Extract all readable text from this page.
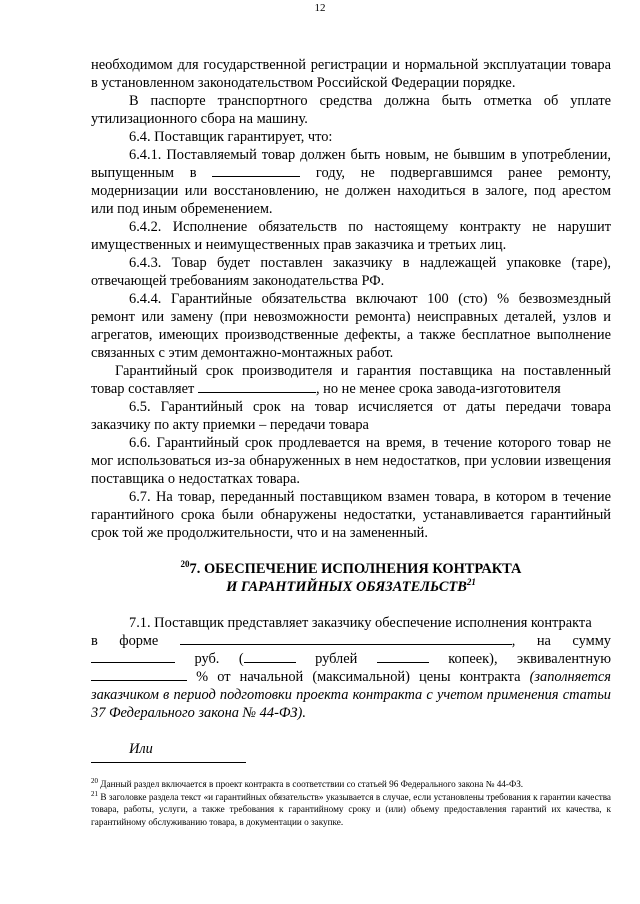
12

необходимом для государственной регистрации и нормальной эксплуатации товара в установленном законодательством Российской Федерации порядке.

В паспорте транспортного средства должна быть отметка об уплате утилизационного сбора на машину.

6.4. Поставщик гарантирует, что:

6.4.1. Поставляемый товар должен быть новым, не бывшим в употреблении, выпущенным в	году, не подвергавшимся ранее ремонту, модернизации или восстановлению, не должен находиться в залоге, под арестом или под иным обременением.

6.4.2. Исполнение обязательств по настоящему контракту не нарушит имущественных и неимущественных прав заказчика и третьих лиц.

6.4.3. Товар будет поставлен заказчику в надлежащей упаковке (таре), отвечающей требованиям законодательства РФ.

6.4.4. Гарантийные обязательства включают 100 (сто) % безвозмездный ремонт или замену (при невозможности ремонта) неисправных деталей, узлов и агрегатов, имеющих производственные дефекты, а также бесплатное выполнение связанных с этим демонтажно-монтажных работ.

Гарантийный срок производителя и гарантия поставщика на поставленный товар составляет	, но не менее срока завода-изготовителя

6.5. Гарантийный срок на товар исчисляется от даты передачи товара заказчику по акту приемки – передачи товара

6.6. Гарантийный срок продлевается на время, в течение которого товар не мог использоваться из-за обнаруженных в нем недостатков, при условии извещения поставщика о недостатках товара.

6.7. На товар, переданный поставщиком взамен товара, в котором в течение гарантийного срока были обнаружены недостатки, устанавливается гарантийный срок той же продолжительности, что и на замененный.

$^{20}$7. ОБЕСПЕЧЕНИЕ ИСПОЛНЕНИЯ КОНТРАКТА
И ГАРАНТИЙНЫХ ОБЯЗАТЕЛЬСТВ$^{21}$

7.1. Поставщик представляет заказчику обеспечение исполнения контракта

в форме	, на сумму
руб. (	рублей	копеек), эквивалентную

% от начальной (максимальной) цены контракта (заполняется заказчиком в период подготовки проекта контракта с учетом применения статьи 37 Федерального закона № 44-ФЗ).

Или

$^{20}$ Данный раздел включается в проект контракта в соответствии со статьей 96 Федерального закона № 44-ФЗ.

$^{21}$ В заголовке раздела текст «и гарантийных обязательств» указывается в случае, если установлены требования к гарантии качества товара, работы, услуги, а также требования к гарантийному сроку и (или) объему предоставления гарантий их качества, к гарантийному обслуживанию товара, в документации о закупке.
